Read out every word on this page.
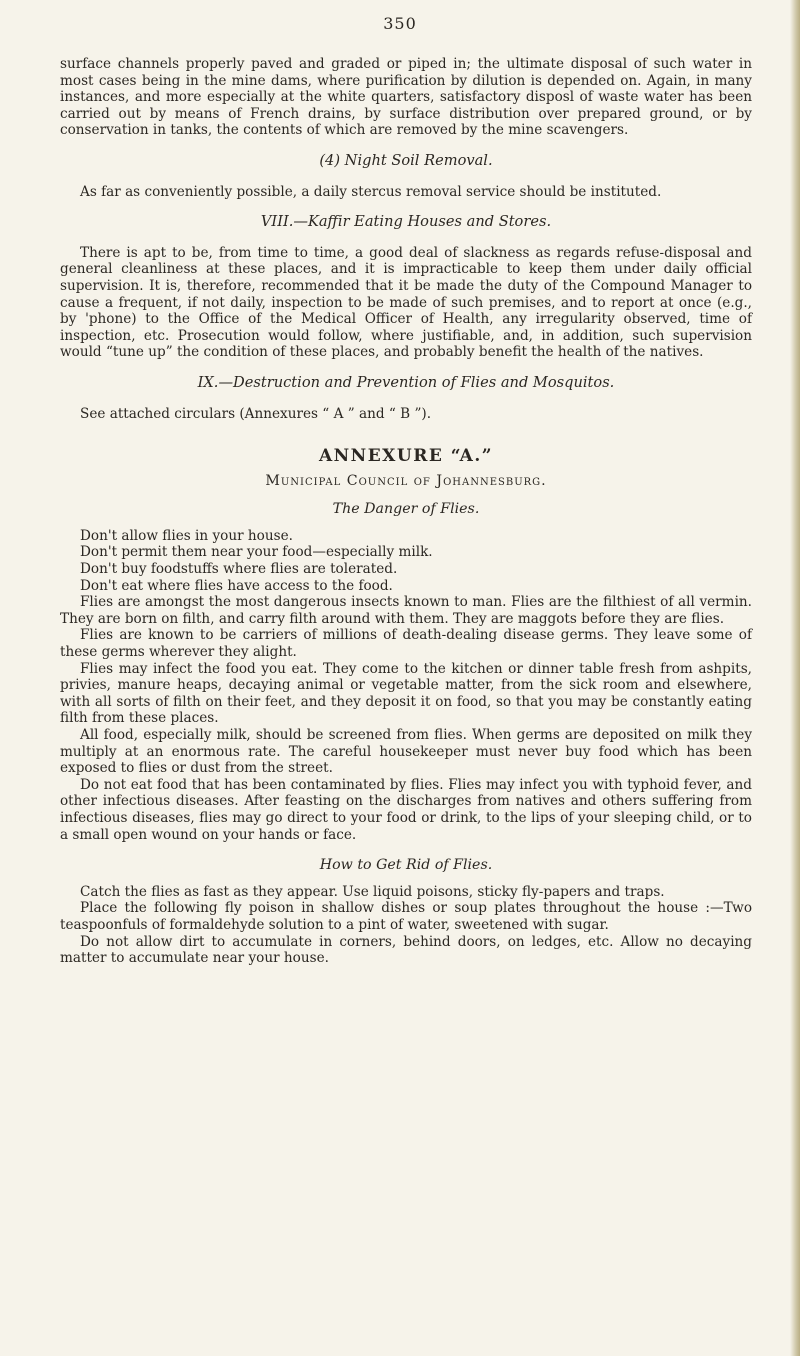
350

surface channels properly paved and graded or piped in; the ultimate disposal of such water in most cases being in the mine dams, where purification by dilution is depended on. Again, in many instances, and more especially at the white quarters, satisfactory disposl of waste water has been carried out by means of French drains, by surface distribution over prepared ground, or by conservation in tanks, the contents of which are removed by the mine scavengers.

(4) Night Soil Removal.

As far as conveniently possible, a daily stercus removal service should be instituted.

VIII.—Kaffir Eating Houses and Stores.

There is apt to be, from time to time, a good deal of slackness as regards refuse-disposal and general cleanliness at these places, and it is impracticable to keep them under daily official supervision. It is, therefore, recommended that it be made the duty of the Compound Manager to cause a frequent, if not daily, inspection to be made of such premises, and to report at once (e.g., by 'phone) to the Office of the Medical Officer of Health, any irregularity observed, time of inspection, etc. Prosecution would follow, where justifiable, and, in addition, such supervision would “tune up” the condition of these places, and probably benefit the health of the natives.

IX.—Destruction and Prevention of Flies and Mosquitos.

See attached circulars (Annexures “ A ” and “ B ”).

ANNEXURE “A.”
Municipal Council of Johannesburg.
The Danger of Flies.

Don't allow flies in your house.

Don't permit them near your food—especially milk.

Don't buy foodstuffs where flies are tolerated.

Don't eat where flies have access to the food.

Flies are amongst the most dangerous insects known to man. Flies are the filthiest of all vermin. They are born on filth, and carry filth around with them. They are maggots before they are flies.

Flies are known to be carriers of millions of death-dealing disease germs. They leave some of these germs wherever they alight.

Flies may infect the food you eat. They come to the kitchen or dinner table fresh from ashpits, privies, manure heaps, decaying animal or vegetable matter, from the sick room and elsewhere, with all sorts of filth on their feet, and they deposit it on food, so that you may be constantly eating filth from these places.

All food, especially milk, should be screened from flies. When germs are deposited on milk they multiply at an enormous rate. The careful housekeeper must never buy food which has been exposed to flies or dust from the street.

Do not eat food that has been contaminated by flies. Flies may infect you with typhoid fever, and other infectious diseases. After feasting on the discharges from natives and others suffering from infectious diseases, flies may go direct to your food or drink, to the lips of your sleeping child, or to a small open wound on your hands or face.

How to Get Rid of Flies.

Catch the flies as fast as they appear. Use liquid poisons, sticky fly-papers and traps.

Place the following fly poison in shallow dishes or soup plates throughout the house :—Two teaspoonfuls of formaldehyde solution to a pint of water, sweetened with sugar.

Do not allow dirt to accumulate in corners, behind doors, on ledges, etc. Allow no decaying matter to accumulate near your house.
